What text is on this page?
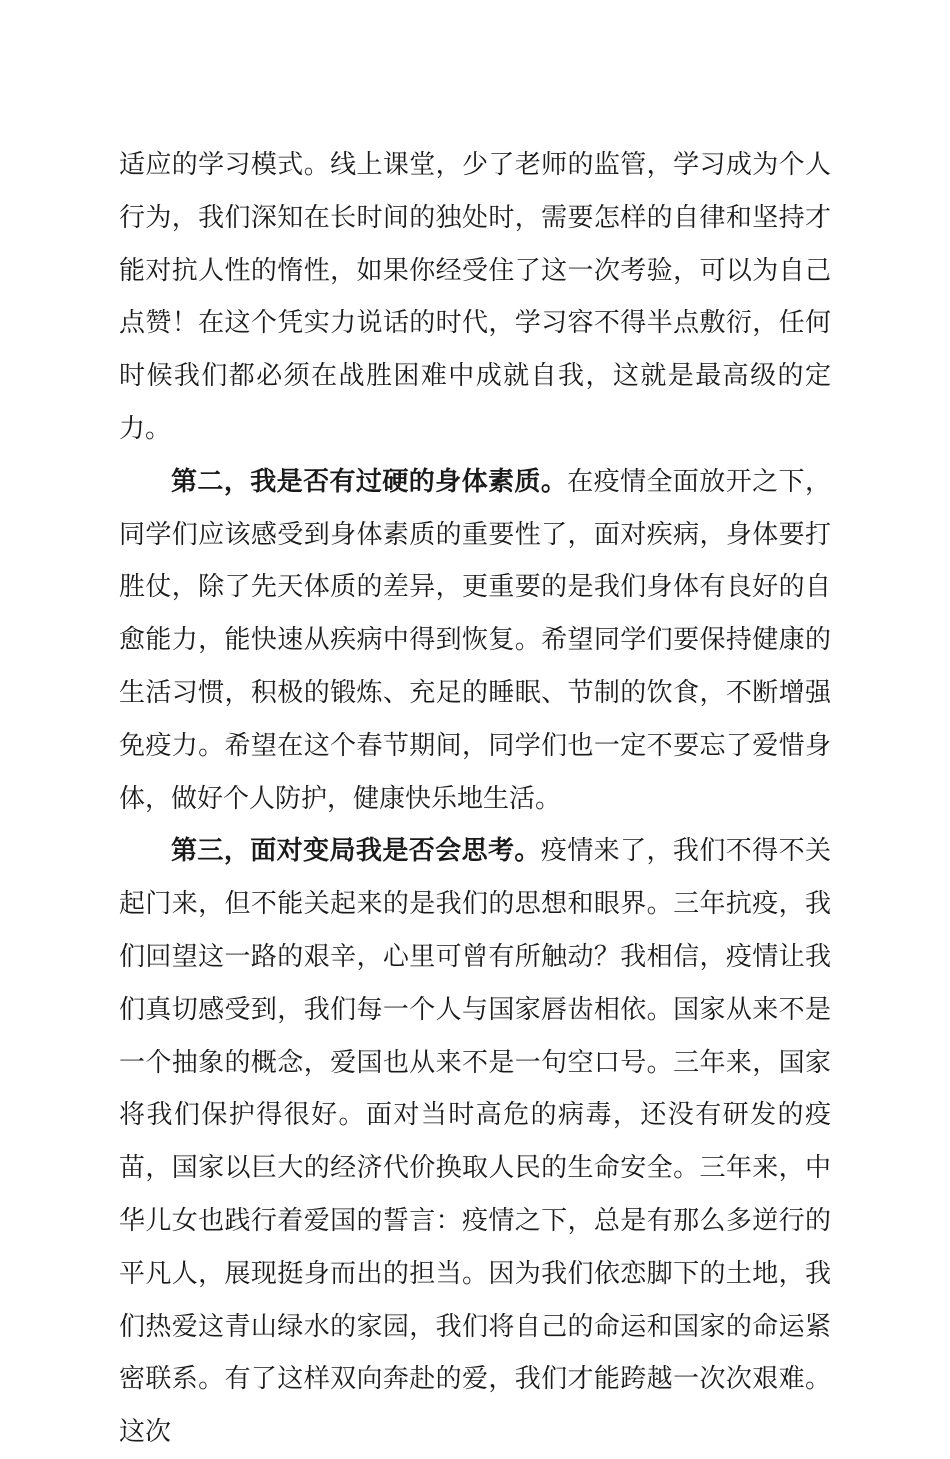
适应的学习模式。线上课堂，少了老师的监管，学习成为个人行为，我们深知在长时间的独处时，需要怎样的自律和坚持才能对抗人性的惰性，如果你经受住了这一次考验，可以为自己点赞！在这个凭实力说话的时代，学习容不得半点敷衍，任何时候我们都必须在战胜困难中成就自我，这就是最高级的定力。

第二，我是否有过硬的身体素质。在疫情全面放开之下，同学们应该感受到身体素质的重要性了，面对疾病，身体要打胜仗，除了先天体质的差异，更重要的是我们身体有良好的自愈能力，能快速从疾病中得到恢复。希望同学们要保持健康的生活习惯，积极的锻炼、充足的睡眠、节制的饮食，不断增强免疫力。希望在这个春节期间，同学们也一定不要忘了爱惜身体，做好个人防护，健康快乐地生活。

第三，面对变局我是否会思考。疫情来了，我们不得不关起门来，但不能关起来的是我们的思想和眼界。三年抗疫，我们回望这一路的艰辛，心里可曾有所触动？我相信，疫情让我们真切感受到，我们每一个人与国家唇齿相依。国家从来不是一个抽象的概念，爱国也从来不是一句空口号。三年来，国家将我们保护得很好。面对当时高危的病毒，还没有研发的疫苗，国家以巨大的经济代价换取人民的生命安全。三年来，中华儿女也践行着爱国的誓言：疫情之下，总是有那么多逆行的平凡人，展现挺身而出的担当。因为我们依恋脚下的土地，我们热爱这青山绿水的家园，我们将自己的命运和国家的命运紧密联系。有了这样双向奔赴的爱，我们才能跨越一次次艰难。这次
